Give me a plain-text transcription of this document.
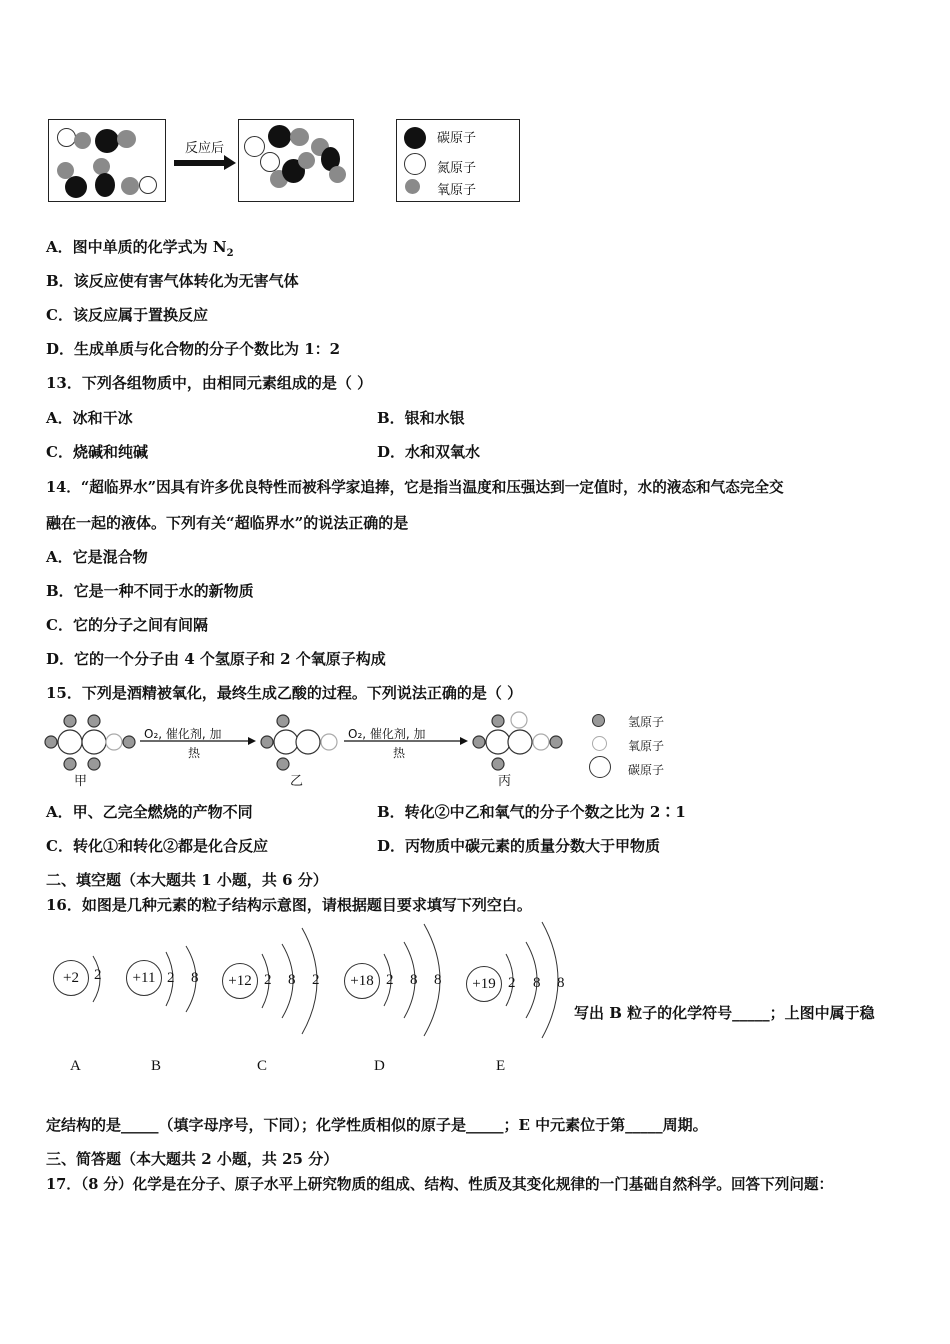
反应后
碳原子
氮原子
氧原子
A．图中单质的化学式为 $N_2$
B．该反应使有害气体转化为无害气体
C．该反应属于置换反应
D．生成单质与化合物的分子个数比为 1：2
13．下列各组物质中，由相同元素组成的是（ ）
A．冰和干冰	B．银和水银
C．烧碱和纯碱	D．水和双氧水
14．“超临界水”因具有许多优良特性而被科学家追捧，它是指当温度和压强达到一定值时，水的液态和气态完全交
融在一起的液体。下列有关“超临界水”的说法正确的是
A．它是混合物
B．它是一种不同于水的新物质
C．它的分子之间有间隔
D．它的一个分子由 4 个氢原子和 2 个氧原子构成
15．下列是酒精被氧化，最终生成乙酸的过程。下列说法正确的是（ ）
甲
O₂, 催化剂, 加
热
乙
O₂, 催化剂, 加
热
丙
氢原子
氧原子
碳原子
A．甲、乙完全燃烧的产物不同	B．转化②中乙和氧气的分子个数之比为 2∶1
C．转化①和转化②都是化合反应	D．丙物质中碳元素的质量分数大于甲物质
二、填空题（本大题共 1 小题，共 6 分）
16．如图是几种元素的粒子结构示意图，请根据题目要求填写下列空白。
+2	2
A
+11 2 8
B
+12 2 8 2
C
+18 2 8 8
D
+19 2 8 8
E
写出 B 粒子的化学符号_____；上图中属于稳
定结构的是_____（填字母序号，下同）；化学性质相似的原子是_____；E 中元素位于第_____周期。
三、简答题（本大题共 2 小题，共 25 分）
17．（8 分）化学是在分子、原子水平上研究物质的组成、结构、性质及其变化规律的一门基础自然科学。回答下列问题：
